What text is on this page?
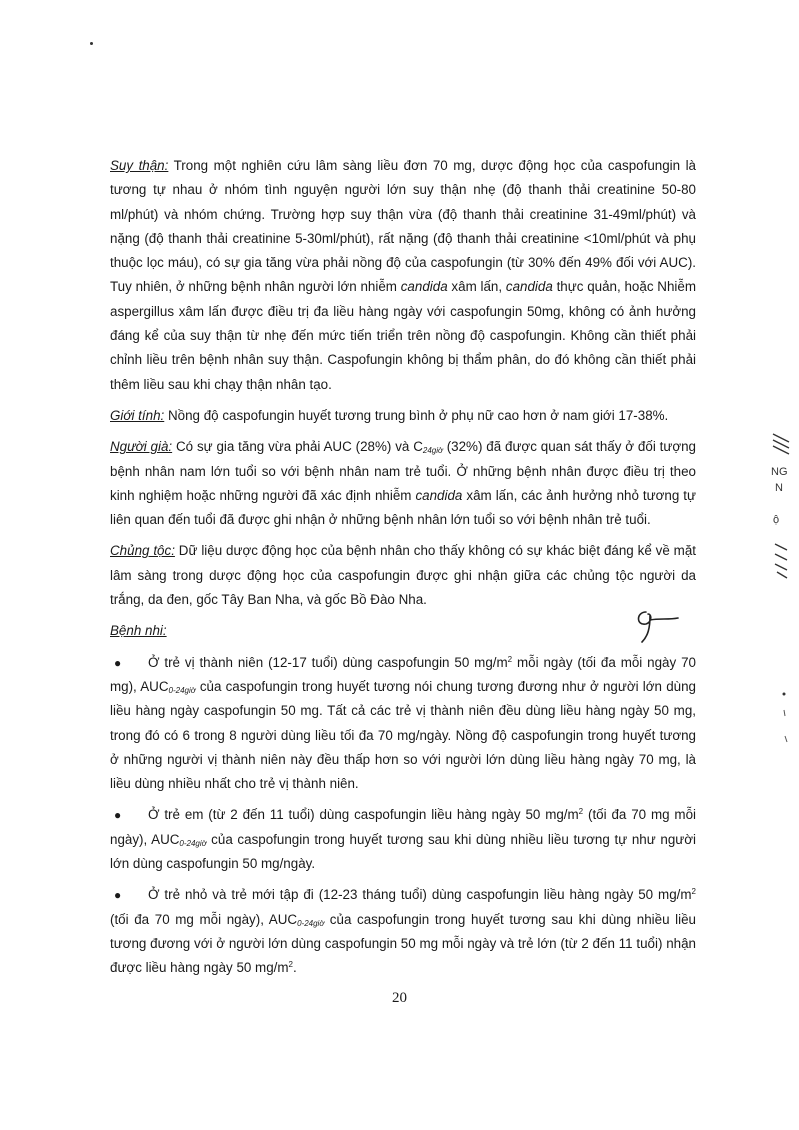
Suy thận: Trong một nghiên cứu lâm sàng liều đơn 70 mg, dược động học của caspofungin là tương tự nhau ở nhóm tình nguyện người lớn suy thận nhẹ (độ thanh thải creatinine 50-80 ml/phút) và nhóm chứng. Trường hợp suy thận vừa (độ thanh thải creatinine 31-49ml/phút) và nặng (độ thanh thải creatinine 5-30ml/phút), rất nặng (độ thanh thải creatinine <10ml/phút và phụ thuộc lọc máu), có sự gia tăng vừa phải nồng độ của caspofungin (từ 30% đến 49% đối với AUC). Tuy nhiên, ở những bệnh nhân người lớn nhiễm candida xâm lấn, candida thực quản, hoặc Nhiễm aspergillus xâm lấn được điều trị đa liều hàng ngày với caspofungin 50mg, không có ảnh hưởng đáng kể của suy thận từ nhẹ đến mức tiến triển trên nồng độ caspofungin. Không cần thiết phải chỉnh liều trên bệnh nhân suy thận. Caspofungin không bị thẩm phân, do đó không cần thiết phải thêm liều sau khi chạy thận nhân tạo.

Giới tính: Nồng độ caspofungin huyết tương trung bình ở phụ nữ cao hơn ở nam giới 17-38%.

Người già: Có sự gia tăng vừa phải AUC (28%) và $C_{24giờ}$ (32%) đã được quan sát thấy ở đối tượng bệnh nhân nam lớn tuổi so với bệnh nhân nam trẻ tuổi. Ở những bệnh nhân được điều trị theo kinh nghiệm hoặc những người đã xác định nhiễm candida xâm lấn, các ảnh hưởng nhỏ tương tự liên quan đến tuổi đã được ghi nhận ở những bệnh nhân lớn tuổi so với bệnh nhân trẻ tuổi.

Chủng tộc: Dữ liệu dược động học của bệnh nhân cho thấy không có sự khác biệt đáng kể về mặt lâm sàng trong dược động học của caspofungin được ghi nhận giữa các chủng tộc người da trắng, da đen, gốc Tây Ban Nha, và gốc Bồ Đào Nha.

Bệnh nhi:

●	Ở trẻ vị thành niên (12-17 tuổi) dùng caspofungin 50 $mg/m^2$ mỗi ngày (tối đa mỗi ngày 70 mg), $AUC_{0-24giờ}$ của caspofungin trong huyết tương nói chung tương đương như ở người lớn dùng liều hàng ngày caspofungin 50 mg. Tất cả các trẻ vị thành niên đều dùng liều hàng ngày 50 mg, trong đó có 6 trong 8 người dùng liều tối đa 70 mg/ngày. Nồng độ caspofungin trong huyết tương ở những người vị thành niên này đều thấp hơn so với người lớn dùng liều hàng ngày 70 mg, là liều dùng nhiều nhất cho trẻ vị thành niên.

●	Ở trẻ em (từ 2 đến 11 tuổi) dùng caspofungin liều hàng ngày 50 $mg/m^2$ (tối đa 70 mg mỗi ngày), $AUC_{0-24giờ}$ của caspofungin trong huyết tương sau khi dùng nhiều liều tương tự như người lớn dùng caspofungin 50 mg/ngày.

●	Ở trẻ nhỏ và trẻ mới tập đi (12-23 tháng tuổi) dùng caspofungin liều hàng ngày 50 $mg/m^2$ (tối đa 70 mg mỗi ngày), $AUC_{0-24giờ}$ của caspofungin trong huyết tương sau khi dùng nhiều liều tương đương với ở người lớn dùng caspofungin 50 mg mỗi ngày và trẻ lớn (từ 2 đến 11 tuổi) nhận được liều hàng ngày 50 $mg/m^2$.

NG
N
ộ
20
